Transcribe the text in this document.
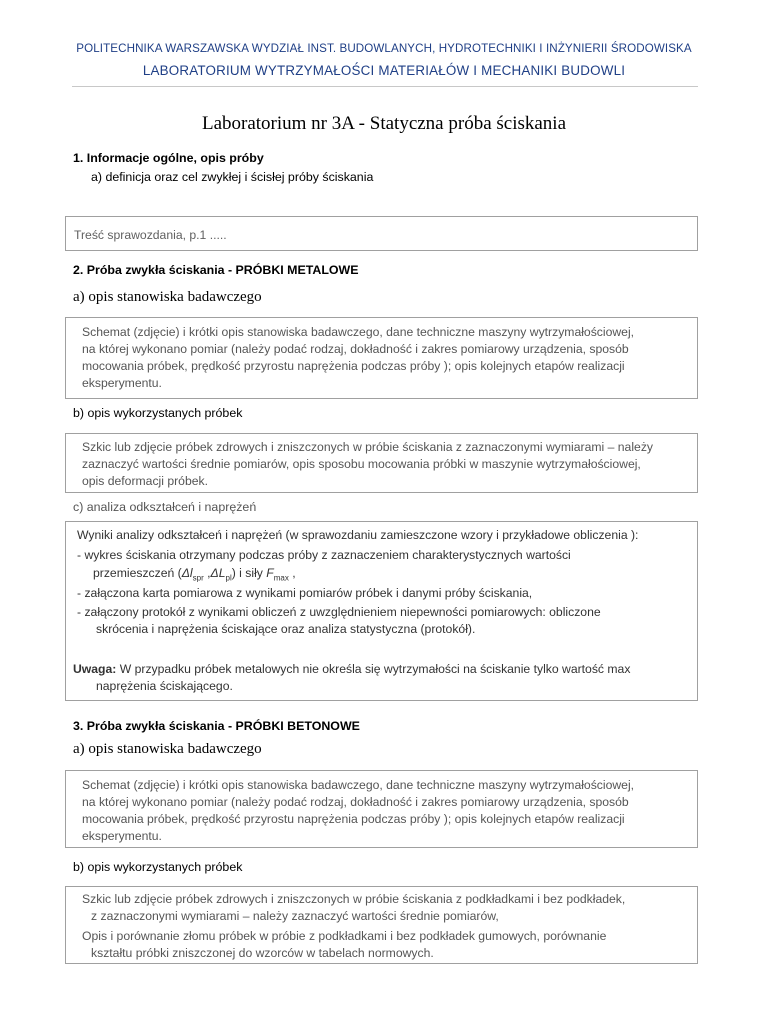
POLITECHNIKA WARSZAWSKA WYDZIAŁ INST. BUDOWLANYCH, HYDROTECHNIKI I INŻYNIERII ŚRODOWISKA
LABORATORIUM WYTRZYMAŁOŚCI MATERIAŁÓW I MECHANIKI BUDOWLI
Laboratorium nr 3A - Statyczna próba ściskania
1. Informacje ogólne, opis próby
a) definicja oraz cel zwykłej i ścisłej próby ściskania
Treść sprawozdania, p.1 .....
2. Próba zwykła ściskania - PRÓBKI METALOWE
a) opis stanowiska badawczego
Schemat (zdjęcie) i krótki opis stanowiska badawczego, dane techniczne maszyny wytrzymałościowej,
na której wykonano pomiar (należy podać rodzaj, dokładność i zakres pomiarowy urządzenia, sposób
mocowania próbek, prędkość przyrostu naprężenia podczas próby ); opis kolejnych etapów realizacji
eksperymentu.
b) opis wykorzystanych próbek
Szkic lub zdjęcie próbek zdrowych i zniszczonych w próbie ściskania z zaznaczonymi wymiarami – należy
zaznaczyć wartości średnie pomiarów, opis sposobu mocowania próbki w maszynie wytrzymałościowej,
opis deformacji próbek.
c) analiza odkształceń i naprężeń
Wyniki analizy odkształceń i naprężeń (w sprawozdaniu zamieszczone wzory i przykładowe obliczenia ):
- wykres ściskania otrzymany podczas próby z zaznaczeniem charakterystycznych wartości
przemieszczeń ($\Delta l_{spr}$ $,\Delta L_{pl}$) i siły $F_{max}$ ,
- załączona karta pomiarowa z wynikami pomiarów próbek i danymi próby ściskania,
- załączony protokół z wynikami obliczeń z uwzględnieniem niepewności pomiarowych: obliczone
skrócenia i naprężenia ściskające oraz analiza statystyczna (protokół).
Uwaga: W przypadku próbek metalowych nie określa się wytrzymałości na ściskanie tylko wartość max
naprężenia ściskającego.
3. Próba zwykła ściskania - PRÓBKI BETONOWE
a) opis stanowiska badawczego
Schemat (zdjęcie) i krótki opis stanowiska badawczego, dane techniczne maszyny wytrzymałościowej,
na której wykonano pomiar (należy podać rodzaj, dokładność i zakres pomiarowy urządzenia, sposób
mocowania próbek, prędkość przyrostu naprężenia podczas próby ); opis kolejnych etapów realizacji
eksperymentu.
b) opis wykorzystanych próbek
Szkic lub zdjęcie próbek zdrowych i zniszczonych w próbie ściskania z podkładkami i bez podkładek,
z zaznaczonymi wymiarami – należy zaznaczyć wartości średnie pomiarów,
Opis i porównanie złomu próbek w próbie z podkładkami i bez podkładek gumowych, porównanie
kształtu próbki zniszczonej do wzorców w tabelach normowych.
